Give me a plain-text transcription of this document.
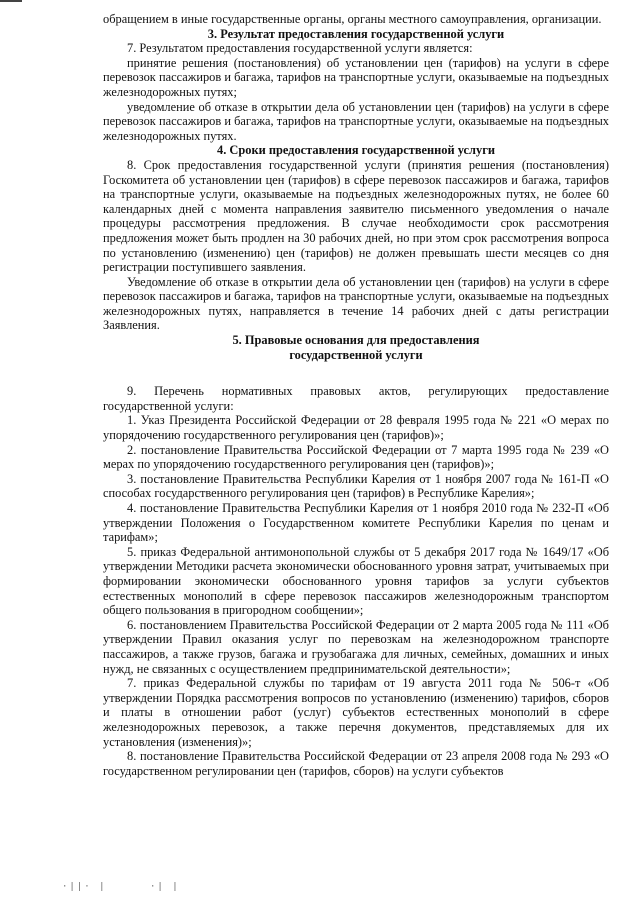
обращением в иные государственные органы, органы местного самоуправления, организации.

3. Результат предоставления государственной услуги

7. Результатом предоставления государственной услуги является:

принятие решения (постановления) об установлении цен (тарифов) на услуги в сфере перевозок пассажиров и багажа, тарифов на транспортные услуги, оказываемые на подъездных железнодорожных путях;

уведомление об отказе в открытии дела об установлении цен (тарифов) на услуги в сфере перевозок пассажиров и багажа, тарифов на транспортные услуги, оказываемые на подъездных железнодорожных путях.

4. Сроки предоставления государственной услуги

8. Срок предоставления государственной услуги (принятия решения (постановления) Госкомитета об установлении цен (тарифов) в сфере перевозок пассажиров и багажа, тарифов на транспортные услуги, оказываемые на подъездных железнодорожных путях, не более 60 календарных дней с момента направления заявителю письменного уведомления о начале процедуры рассмотрения предложения. В случае необходимости срок рассмотрения предложения может быть продлен на 30 рабочих дней, но при этом срок рассмотрения вопроса по установлению (изменению) цен (тарифов) не должен превышать шести месяцев со дня регистрации поступившего заявления.

Уведомление об отказе в открытии дела об установлении цен (тарифов) на услуги в сфере перевозок пассажиров и багажа, тарифов на транспортные услуги, оказываемые на подъездных железнодорожных путях, направляется в течение 14 рабочих дней с даты регистрации Заявления.

5. Правовые основания для предоставления

государственной услуги

9. Перечень нормативных правовых актов, регулирующих предоставление государственной услуги:

1. Указ Президента Российской Федерации от 28 февраля 1995 года № 221 «О мерах по упорядочению государственного регулирования цен (тарифов)»;

2. постановление Правительства Российской Федерации от 7 марта 1995 года № 239 «О мерах по упорядочению государственного регулирования цен (тарифов)»;

3. постановление Правительства Республики Карелия от 1 ноября 2007 года № 161-П «О способах государственного регулирования цен (тарифов) в Республике Карелия»;

4. постановление Правительства Республики Карелия от 1 ноября 2010 года № 232-П «Об утверждении Положения о Государственном комитете Республики Карелия по ценам и тарифам»;

5. приказ Федеральной антимонопольной службы от 5 декабря 2017 года № 1649/17 «Об утверждении Методики расчета экономически обоснованного уровня затрат, учитываемых при формировании экономически обоснованного уровня тарифов за услуги субъектов естественных монополий в сфере перевозок пассажиров железнодорожным транспортом общего пользования в пригородном сообщении»;

6. постановлением Правительства Российской Федерации от 2 марта 2005 года № 111 «Об утверждении Правил оказания услуг по перевозкам на железнодорожном транспорте пассажиров, а также грузов, багажа и грузобагажа для личных, семейных, домашних и иных нужд, не связанных с осуществлением предпринимательской деятельности»;

7. приказ Федеральной службы по тарифам от 19 августа 2011 года № 506-т «Об утверждении Порядка рассмотрения вопросов по установлению (изменению) тарифов, сборов и платы в отношении работ (услуг) субъектов естественных монополий в сфере железнодорожных перевозок, а также перечня документов, представляемых для их установления (изменения)»;

8. постановление Правительства Российской Федерации от 23 апреля 2008 года № 293 «О государственном регулировании цен (тарифов, сборов) на услуги субъектов

·||· |	·| |
